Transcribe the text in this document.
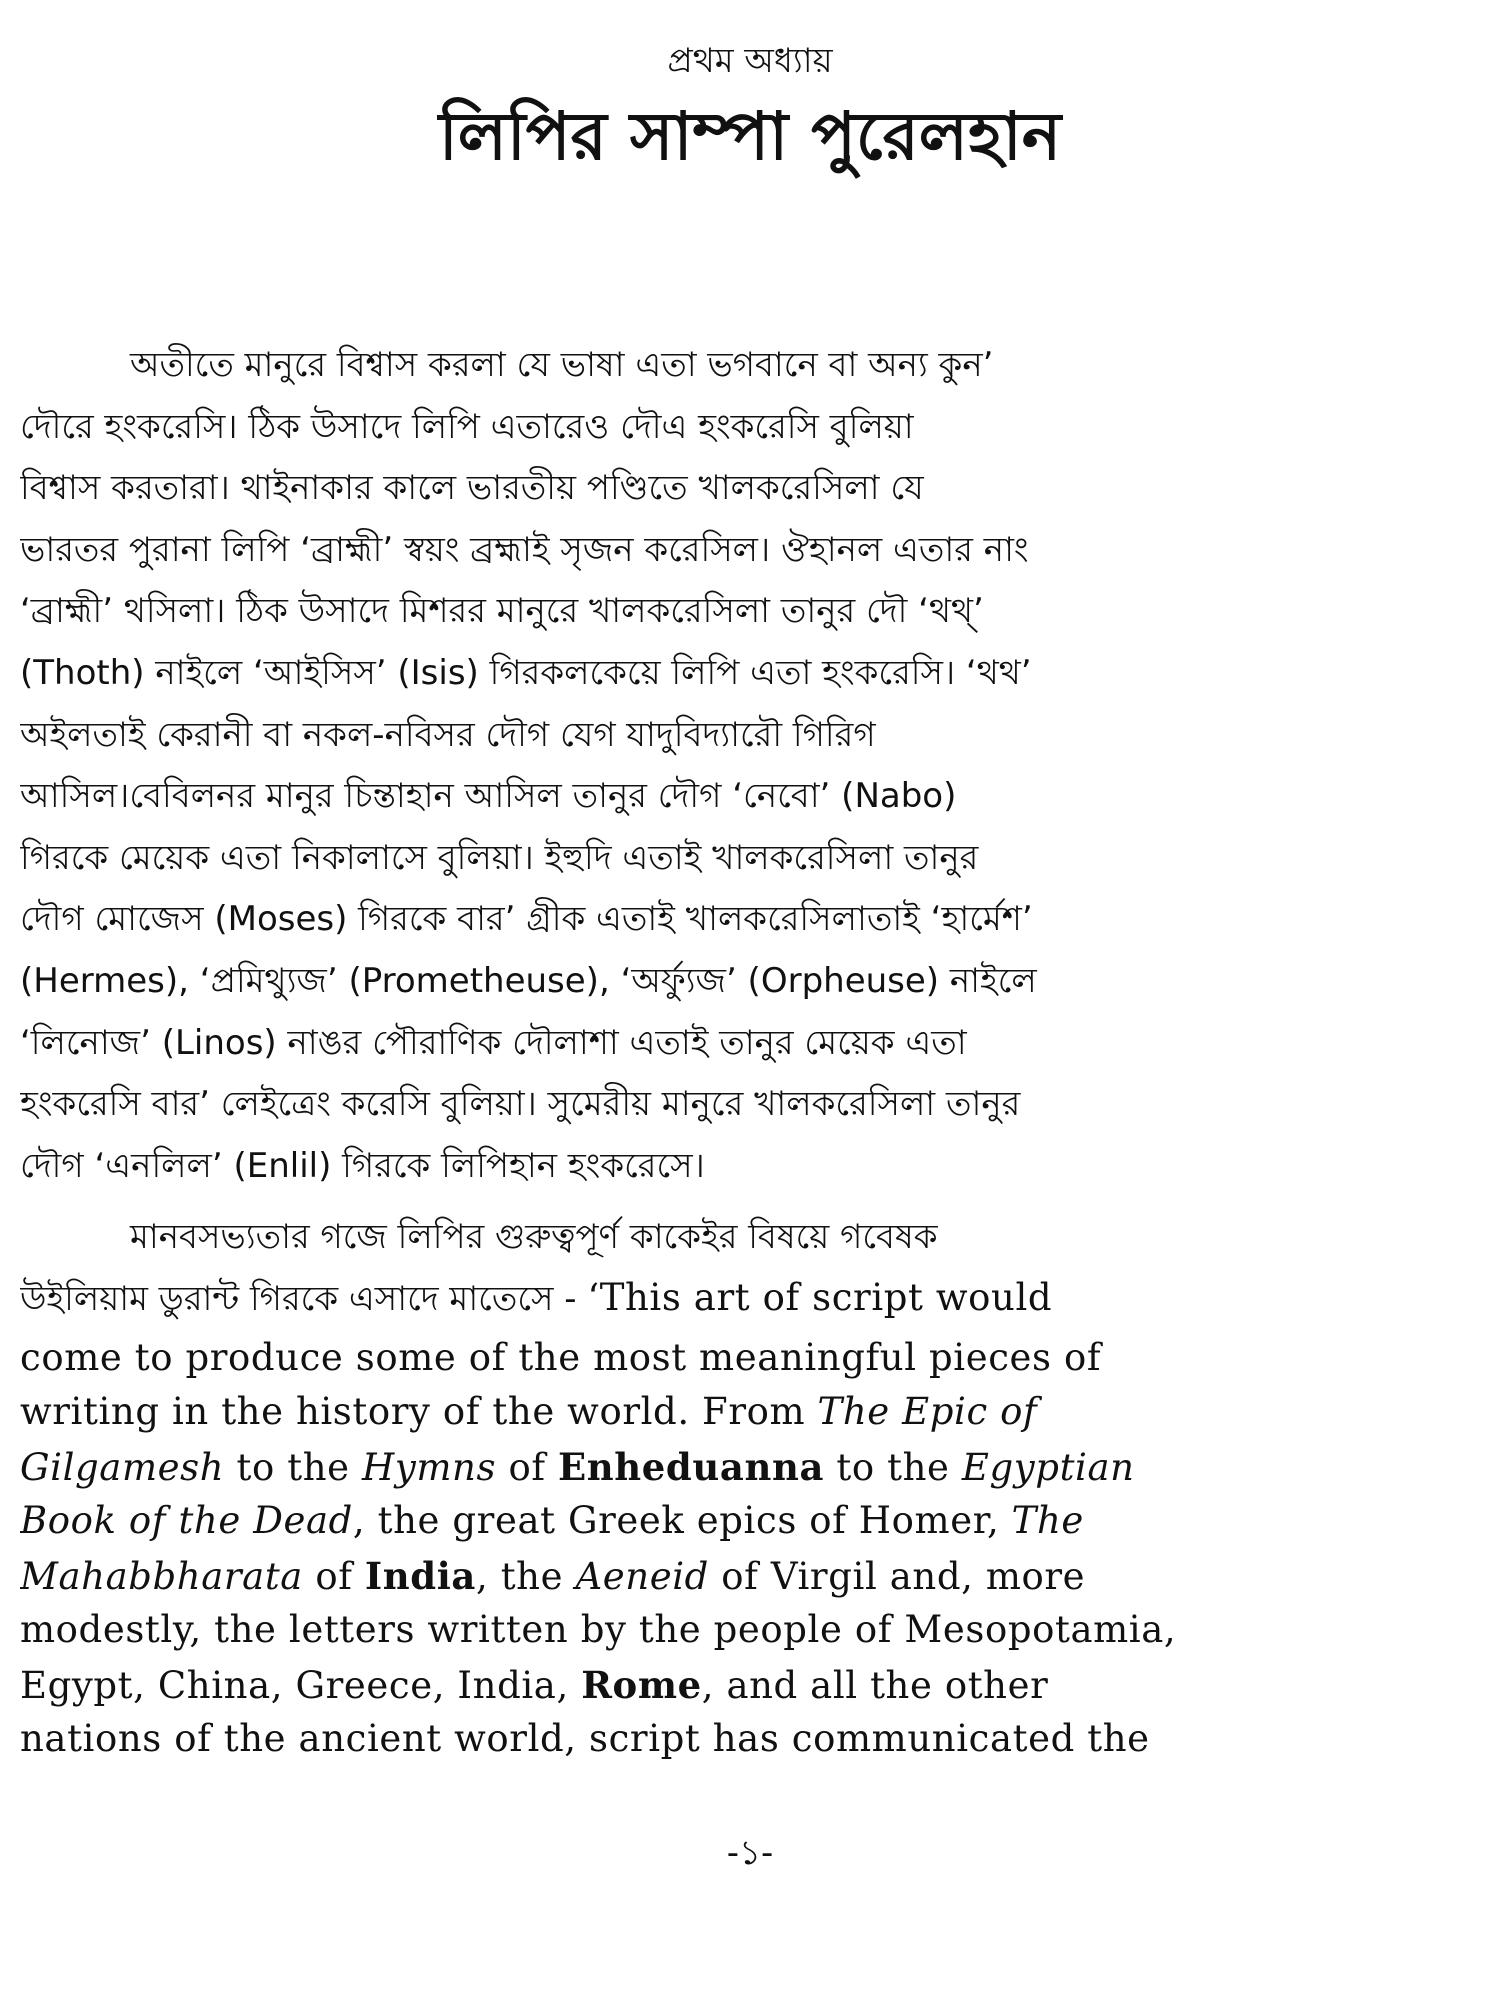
প্রথম অধ্যায়
লিপির সাম্পা পুরেলহান
অতীতে মানুরে বিশ্বাস করলা যে ভাষা এতা ভগবানে বা অন্য কুন’
দৌরে হংকরেসি। ঠিক উসাদে লিপি এতারেও দৌএ হংকরেসি বুলিয়া
বিশ্বাস করতারা। থাইনাকার কালে ভারতীয় পণ্ডিতে খালকরেসিলা যে
ভারতর পুরানা লিপি ‘ব্রাহ্মী’ স্বয়ং ব্রহ্মাই সৃজন করেসিল। ঔহানল এতার নাং
‘ব্রাহ্মী’ থসিলা। ঠিক উসাদে মিশরর মানুরে খালকরেসিলা তানুর দৌ ‘থথ্’
(Thoth) নাইলে ‘আইসিস’ (Isis) গিরকলকেয়ে লিপি এতা হংকরেসি। ‘থথ’
অইলতাই কেরানী বা নকল-নবিসর দৌগ যেগ যাদুবিদ্যারৌ গিরিগ
আসিল।বেবিলনর মানুর চিন্তাহান আসিল তানুর দৌগ ‘নেবো’ (Nabo)
গিরকে মেয়েক এতা নিকালাসে বুলিয়া। ইহুদি এতাই খালকরেসিলা তানুর
দৌগ মোজেস (Moses) গিরকে বার’ গ্রীক এতাই খালকরেসিলাতাই ‘হার্মেশ’
(Hermes), ‘প্রমিথ্যুজ’ (Prometheuse), ‘অর্ফ্যুজ’ (Orpheuse) নাইলে
‘লিনোজ’ (Linos) নাঙর পৌরাণিক দৌলাশা এতাই তানুর মেয়েক এতা
হংকরেসি বার’ লেইত্রেং করেসি বুলিয়া। সুমেরীয় মানুরে খালকরেসিলা তানুর
দৌগ ‘এনলিল’ (Enlil) গিরকে লিপিহান হংকরেসে।
মানবসভ্যতার গজে লিপির গুরুত্বপূর্ণ কাকেইর বিষয়ে গবেষক
উইলিয়াম ডুরান্ট গিরকে এসাদে মাতেসে - ‘This art of script would
come to produce some of the most meaningful pieces of
writing in the history of the world. From The Epic of
Gilgamesh to the Hymns of Enheduanna to the Egyptian
Book of the Dead, the great Greek epics of Homer, The
Mahabbharata of India, the Aeneid of Virgil and, more
modestly, the letters written by the people of Mesopotamia,
Egypt, China, Greece, India, Rome, and all the other
nations of the ancient world, script has communicated the
-১-
